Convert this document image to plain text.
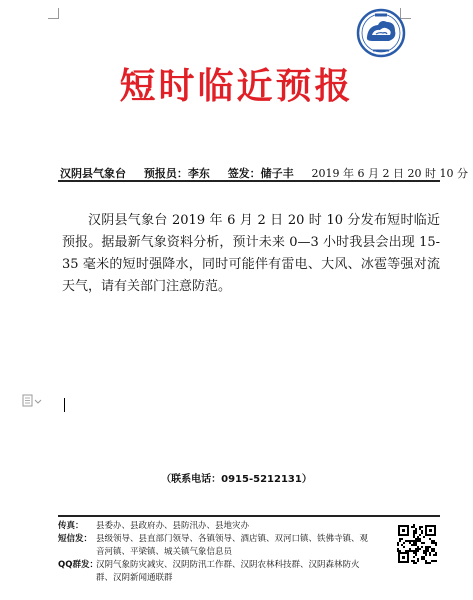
短时临近预报
汉阴县气象台 预报员：李东 签发：储子丰 2019 年 6 月 2 日 20 时 10 分
汉阴县气象台 2019 年 6 月 2 日 20 时 10 分发布短时临近预报。据最新气象资料分析，预计未来 0—3 小时我县会出现 15-35 毫米的短时强降水，同时可能伴有雷电、大风、冰雹等强对流天气，请有关部门注意防范。
（联系电话：0915-5212131）
传真：	县委办、县政府办、县防汛办、县地灾办
短信发： 县级领导、县直部门领导、各镇领导、酒店镇、双河口镇、铁佛寺镇、观音河镇、平梁镇、城关镇气象信息员
QQ群发：
汉阴气象防灾减灾、汉阴防汛工作群、汉阴农林科技群、汉阴森林防火群、汉阴新闻通联群
